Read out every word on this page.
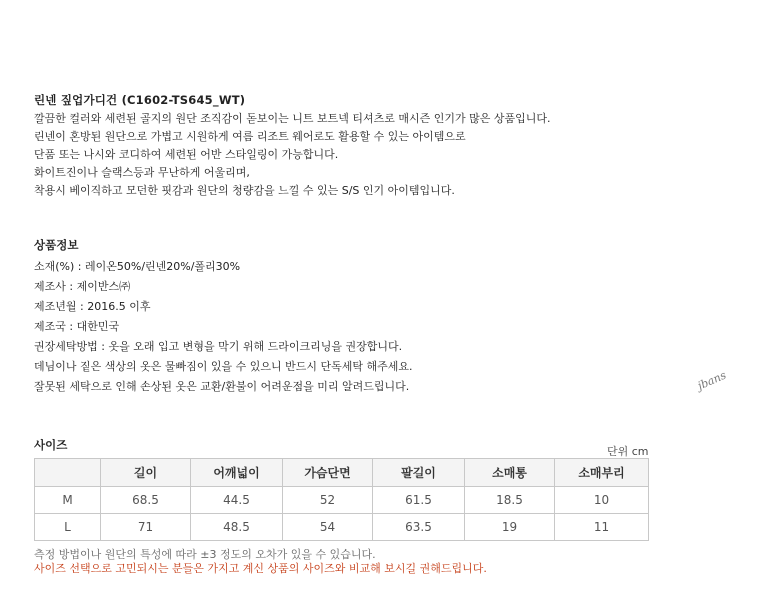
린넨 짚업가디건 (C1602-TS645_WT)
깔끔한 컬러와 세련된 골지의 원단 조직감이 돋보이는 니트 보트넥 티셔츠로 매시즌 인기가 많은 상품입니다.
린넨이 혼방된 원단으로 가볍고 시원하게 여름 리조트 웨어로도 활용할 수 있는 아이템으로
단품 또는 나시와 코디하여 세련된 어반 스타일링이 가능합니다.
화이트진이나 슬랙스등과 무난하게 어울리며,
착용시 베이직하고 모던한 핏감과 원단의 청량감을 느낄 수 있는 S/S 인기 아이템입니다.
상품정보
소재(%) : 레이온50%/린넨20%/폴리30%
제조사 : 제이반스㈜
제조년월 : 2016.5 이후
제조국 : 대한민국
권장세탁방법 : 옷을 오래 입고 변형을 막기 위해 드라이크리닝을 권장합니다.
데님이나 짙은 색상의 옷은 물빠짐이 있을 수 있으니 반드시 단독세탁 해주세요.
잘못된 세탁으로 인해 손상된 옷은 교환/환불이 어려운점을 미리 알려드립니다.	jbans
사이즈	단위 cm
	길이	어깨넓이	가슴단면	팔길이	소매통	소매부리
M	68.5	44.5	52	61.5	18.5	10
L	71	48.5	54	63.5	19	11
측정 방법이나 원단의 특성에 따라 ±3 정도의 오차가 있을 수 있습니다.
사이즈 선택으로 고민되시는 분들은 가지고 계신 상품의 사이즈와 비교해 보시길 권해드립니다.
